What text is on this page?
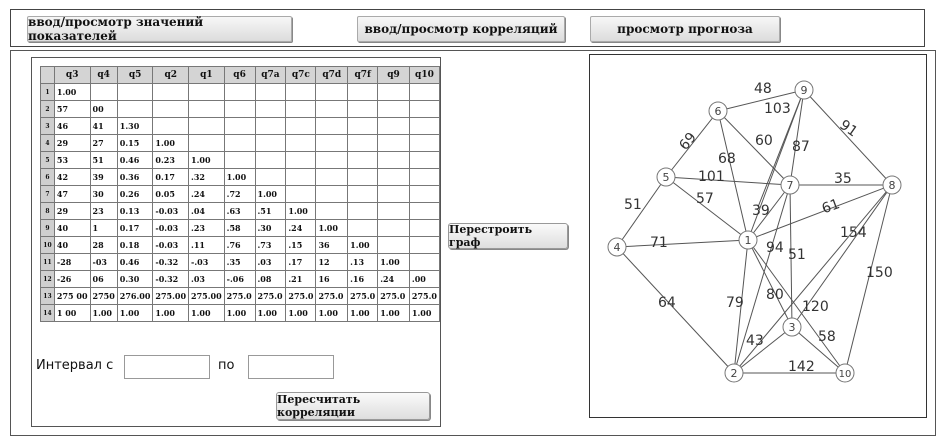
ввод/просмотр значений показателей	ввод/просмотр корреляций	просмотр прогноза
	q3	q4	q5	q2	q1	q6	q7a	q7c	q7d	q7f	q9	q10
1	1.00											
2	57	00										
3	46	41	1.30									
4	29	27	0.15	1.00								
5	53	51	0.46	0.23	1.00							
6	42	39	0.36	0.17	.32	1.00						
7	47	30	0.26	0.05	.24	.72	1.00					
8	29	23	0.13	-0.03	.04	.63	.51	1.00				
9	40	1	0.17	-0.03	.23	.58	.30	.24	1.00			
10	40	28	0.18	-0.03	.11	.76	.73	.15	36	1.00		
11	-28	-03	0.46	-0.32	-.03	.35	.03	.17	12	.13	1.00	
12	-26	06	0.30	-0.32	.03	-.06	.08	.21	16	.16	.24	.00
13	275 00	2750	276.00	275.00	275.00	275.0	275.0	275.0	275.0	275.0	275.0	275.0
14	1 00	1.00	1.00	1.00	1.00	1.00	1.00	1.00	1.00	1.00	1.00	1.00
Интервал с	по
Пересчитать корреляции
Перестроить граф
48
103
91
69	60 87
68
101	35
57
39	61
51
71	94 51
154
150
64	79 80
120
43	58
142
1
2
3
4
5
6
7	8
9
10
